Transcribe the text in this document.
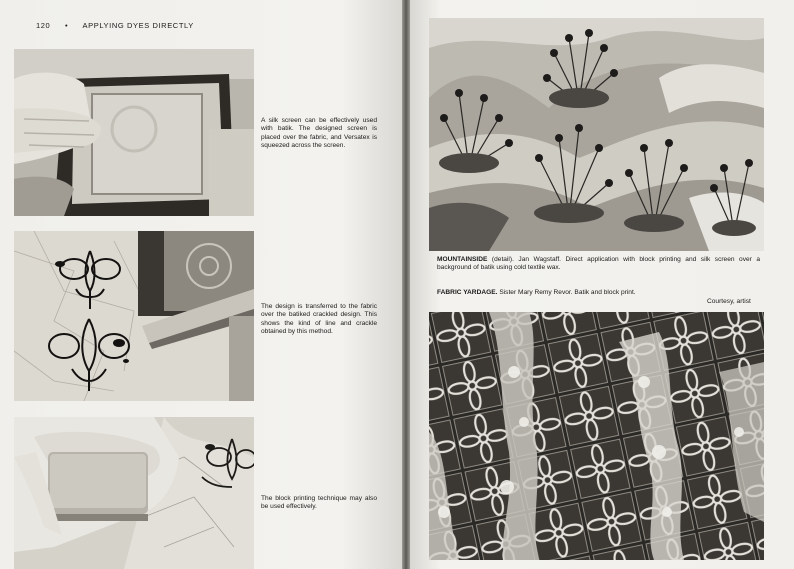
120 • APPLYING DYES DIRECTLY
A silk screen can be effectively used with batik. The designed screen is placed over the fabric, and Versatex is squeezed across the screen.
The design is transferred to the fabric over the batiked crackled design. This shows the kind of line and crackle obtained by this method.
The block printing technique may also be used effectively.
MOUNTAINSIDE (detail). Jan Wagstaff. Direct application with block printing and silk screen over a background of batik using cold textile wax.
FABRIC YARDAGE. Sister Mary Remy Revor. Batik and block print.
Courtesy, artist
